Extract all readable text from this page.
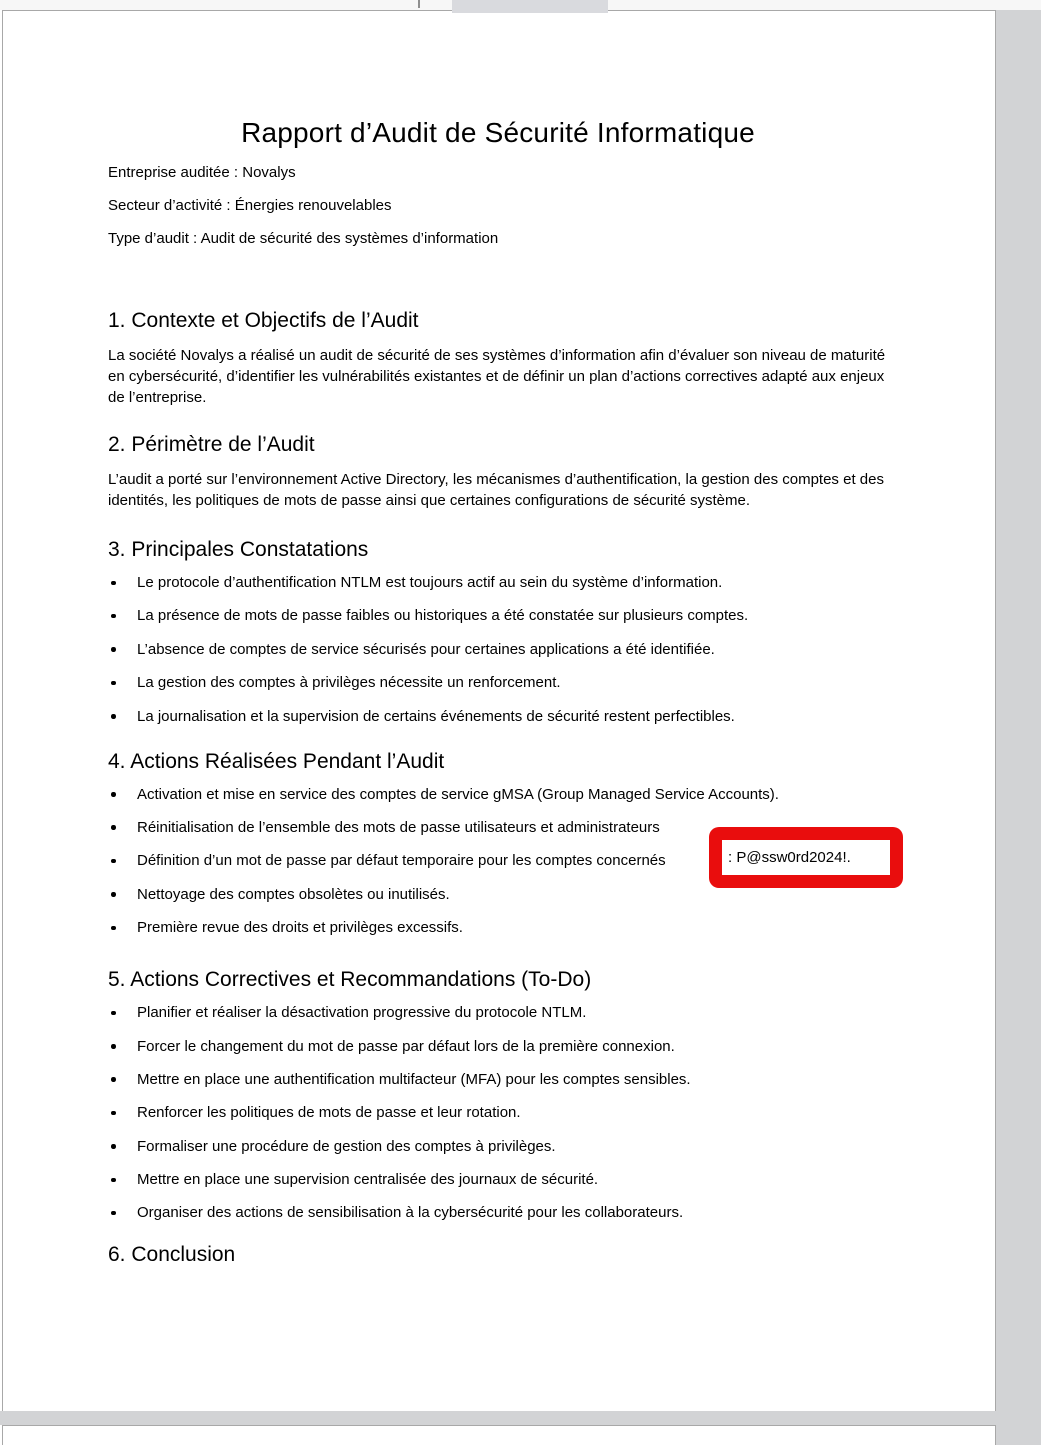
Rapport d’Audit de Sécurité Informatique

Entreprise auditée : Novalys

Secteur d’activité : Énergies renouvelables

Type d’audit : Audit de sécurité des systèmes d’information

1. Contexte et Objectifs de l’Audit

La société Novalys a réalisé un audit de sécurité de ses systèmes d’information afin d’évaluer son niveau de maturité en cybersécurité, d’identifier les vulnérabilités existantes et de définir un plan d’actions correctives adapté aux enjeux de l’entreprise.

2. Périmètre de l’Audit

L’audit a porté sur l’environnement Active Directory, les mécanismes d’authentification, la gestion des comptes et des identités, les politiques de mots de passe ainsi que certaines configurations de sécurité système.

3. Principales Constatations
Le protocole d’authentification NTLM est toujours actif au sein du système d’information.
La présence de mots de passe faibles ou historiques a été constatée sur plusieurs comptes.
L’absence de comptes de service sécurisés pour certaines applications a été identifiée.
La gestion des comptes à privilèges nécessite un renforcement.
La journalisation et la supervision de certains événements de sécurité restent perfectibles.
4. Actions Réalisées Pendant l’Audit
Activation et mise en service des comptes de service gMSA (Group Managed Service Accounts).
Réinitialisation de l’ensemble des mots de passe utilisateurs et administrateurs
Définition d’un mot de passe par défaut temporaire pour les comptes concernés	: P@ssw0rd2024!.
Nettoyage des comptes obsolètes ou inutilisés.
Première revue des droits et privilèges excessifs.
5. Actions Correctives et Recommandations (To-Do)
Planifier et réaliser la désactivation progressive du protocole NTLM.
Forcer le changement du mot de passe par défaut lors de la première connexion.
Mettre en place une authentification multifacteur (MFA) pour les comptes sensibles.
Renforcer les politiques de mots de passe et leur rotation.
Formaliser une procédure de gestion des comptes à privilèges.
Mettre en place une supervision centralisée des journaux de sécurité.
Organiser des actions de sensibilisation à la cybersécurité pour les collaborateurs.
6. Conclusion
